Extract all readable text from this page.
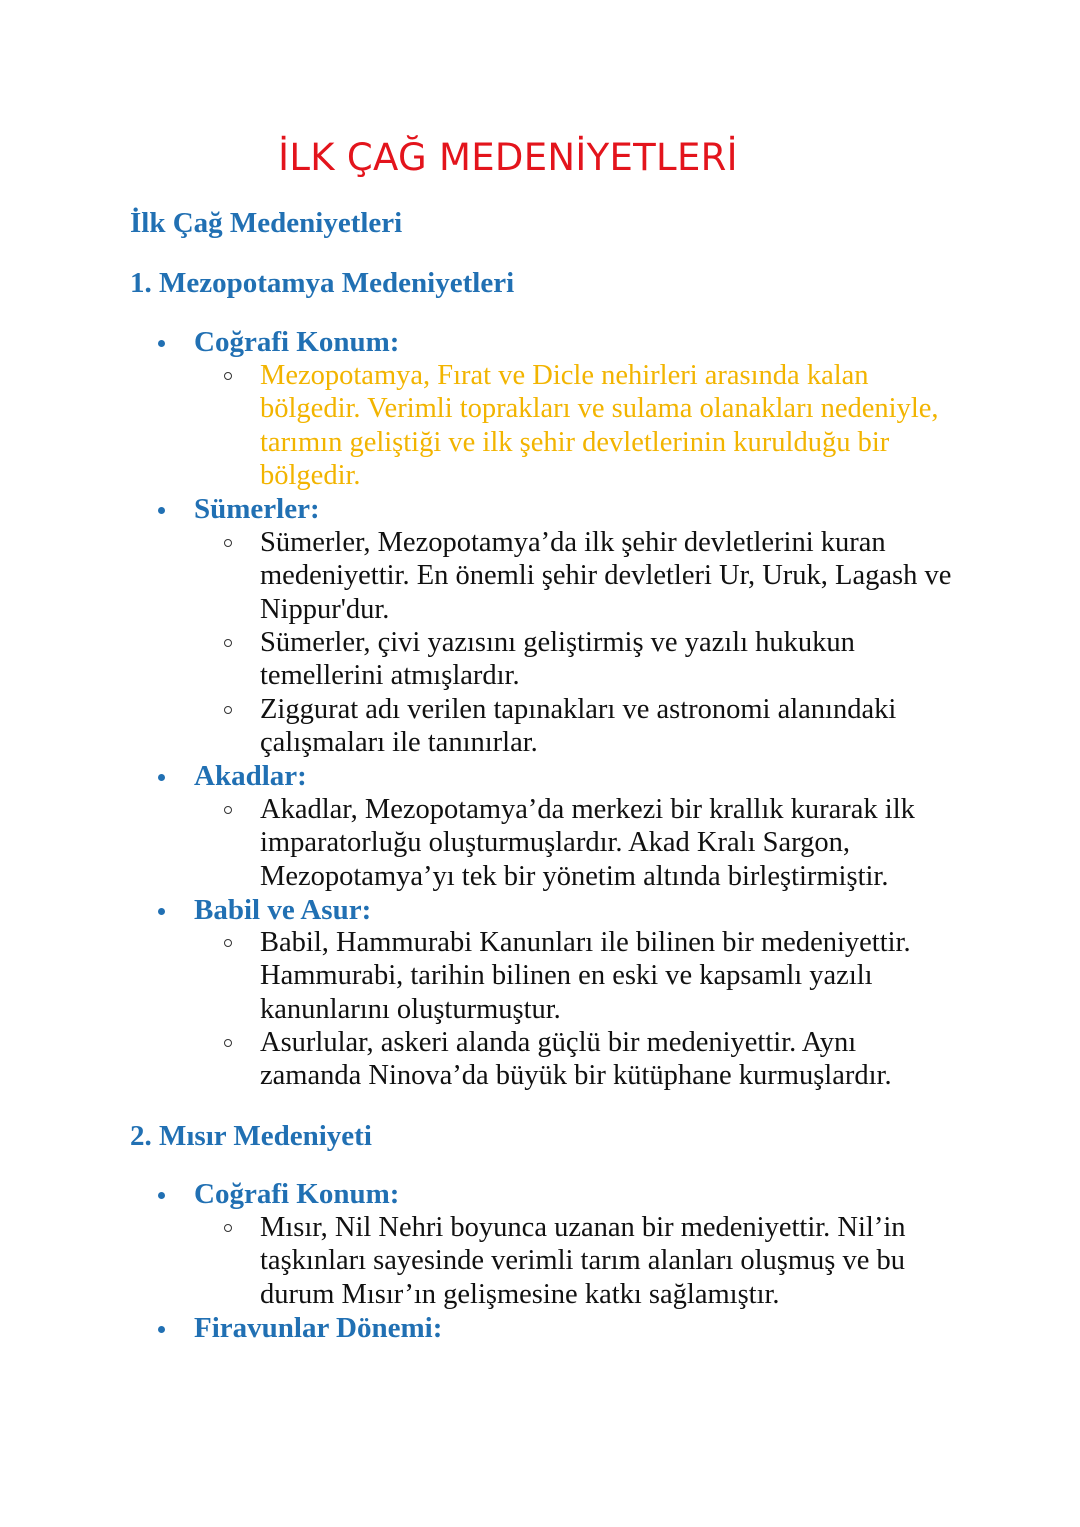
İLK ÇAĞ MEDENİYETLERİ
İlk Çağ Medeniyetleri
1. Mezopotamya Medeniyetleri
Coğrafi Konum:
Mezopotamya, Fırat ve Dicle nehirleri arasında kalan bölgedir. Verimli toprakları ve sulama olanakları nedeniyle, tarımın geliştiği ve ilk şehir devletlerinin kurulduğu bir bölgedir.
Sümerler:
Sümerler, Mezopotamya’da ilk şehir devletlerini kuran medeniyettir. En önemli şehir devletleri Ur, Uruk, Lagash ve Nippur'dur.
Sümerler, çivi yazısını geliştirmiş ve yazılı hukukun temellerini atmışlardır.
Ziggurat adı verilen tapınakları ve astronomi alanındaki çalışmaları ile tanınırlar.
Akadlar:
Akadlar, Mezopotamya’da merkezi bir krallık kurarak ilk imparatorluğu oluşturmuşlardır. Akad Kralı Sargon, Mezopotamya’yı tek bir yönetim altında birleştirmiştir.
Babil ve Asur:
Babil, Hammurabi Kanunları ile bilinen bir medeniyettir. Hammurabi, tarihin bilinen en eski ve kapsamlı yazılı kanunlarını oluşturmuştur.
Asurlular, askeri alanda güçlü bir medeniyettir. Aynı zamanda Ninova’da büyük bir kütüphane kurmuşlardır.
2. Mısır Medeniyeti
Coğrafi Konum:
Mısır, Nil Nehri boyunca uzanan bir medeniyettir. Nil’in taşkınları sayesinde verimli tarım alanları oluşmuş ve bu durum Mısır’ın gelişmesine katkı sağlamıştır.
Firavunlar Dönemi:
